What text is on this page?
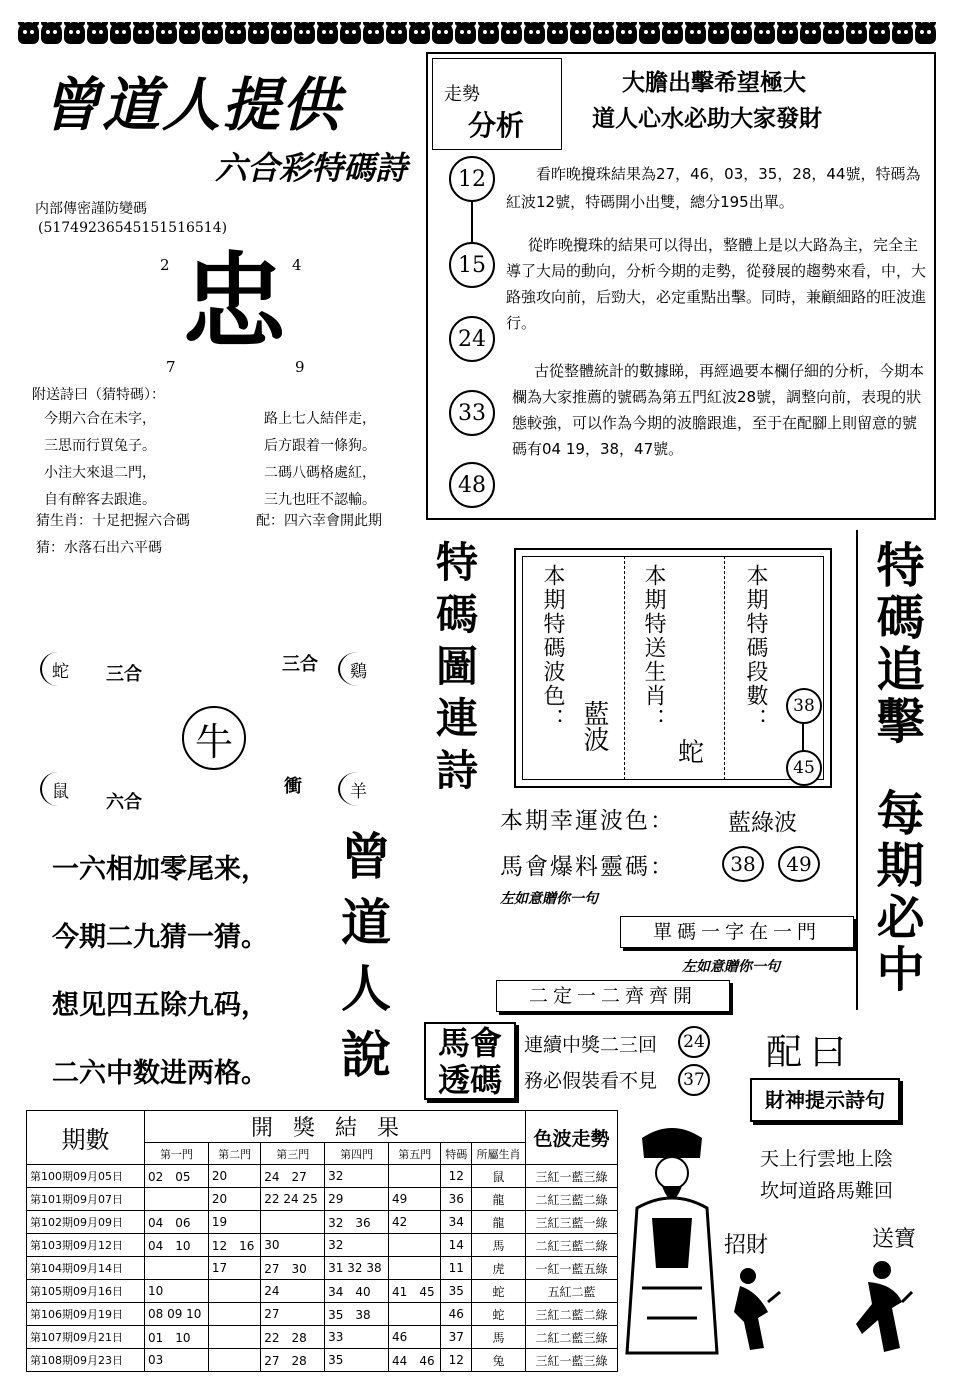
曾道人提供
六合彩特碼詩
内部傳密謹防變碼
(5174923654515151651​4)
2	4
忠
7	9
附送詩曰（猜特碼）：
今期六合在未字，
三思而行買兔子。
小注大來退二門，
自有醉客去跟進。
路上七人結伴走，
后方跟着一條狗。
二碼八碼格處紅，
三九也旺不認輸。
猜生肖：十足把握六合碼	配：四六幸會開此期
猜：水落石出六平碼
走勢
分析
大膽出擊希望極大
道人心水必助大家發財
12
15
24
33
48
看昨晚攪珠結果為27，46，03，35，28，44號，特碼為紅波12號，特碼開小出雙，總分195出單。
從昨晚攪珠的結果可以得出，整體上是以大路為主，完全主導了大局的動向，分析今期的走勢，從發展的趨勢來看，中，大路強攻向前，后勁大，必定重點出擊。同時，兼顧細路的旺波進行。
古從整體統計的數據睇，再經過要本欄仔細的分析，今期本欄為大家推薦的號碼為第五門紅波28號，調整向前，表現的狀態較強，可以作為今期的波膽跟進，至于在配腳上則留意的號碼有04 19，38，47號。
牛
蛇	鷄
鼠	羊
三合	三合
六合
衝
一六相加零尾来，
今期二九猜一猜。
想见四五除九码，
二六中数进两格。 曾道人說
特碼圖連詩	本期特碼波色： 藍波 本期特送生肖：
蛇
本期特碼段數： 38
45
本期幸運波色： 藍綠波
馬會爆料靈碼：	38 49
左如意贈你一句
單碼一字在一門
左如意贈你一句
二定一二齊齊開
特碼追擊
每期必中
馬會透碼
連續中獎二三回 24
務必假裝看不見 37
配曰
財神提示詩句
天上行雲地上陰
坎坷道路馬難回
招財	送寶
期數	開獎結果							色波走勢
	第一門	第二門	第三門	第四門	第五門	特碼	所屬生肖	
第100期09月05日	02　05	20	24　27	32		12	鼠	三紅一藍三綠
第101期09月07日		20	22 24 25	29	49	36	龍	二紅三藍二綠
第102期09月09日	04　06	19		32　36	42	34	龍	三紅三藍一綠
第103期09月12日	04　10	12　16	30	32		14	馬	二紅三藍二綠
第104期09月14日		17	27　30	31 32 38		11	虎	一紅一藍五綠
第105期09月16日	10		24	34　40	41　45	35	蛇	五紅二藍
第106期09月19日	08 09 10		27	35　38		46	蛇	三紅二藍二綠
第107期09月21日	01　10		22　28	33	46	37	馬	二紅二藍三綠
第108期09月23日	03		27　28	35	44　46	12	兔	三紅一藍三綠
